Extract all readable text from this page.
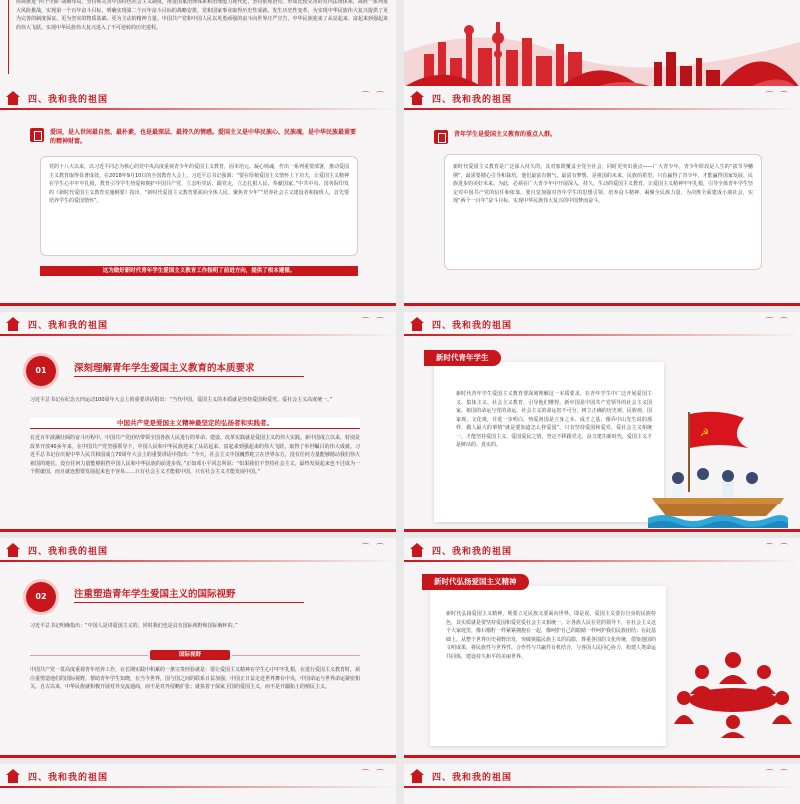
协调推进“四个全面”战略布局，坚持和完善中国特色社会主义制度，推进国家治理体系和治理能力现代化，坚持依规治党、形成比较完善的党内法规体系，战胜一系列重大风险挑战，实现第一个百年奋斗目标，明确实现第二个百年奋斗目标的战略安排，党和国家事业取得历史性成就、发生历史性变革，为实现中华民族伟大复兴提供了更为完善的制度保证、更为坚实的物质基础、更为主动的精神力量。中国共产党和中国人民以英勇顽强的奋斗向世界庄严宣告，中华民族迎来了从站起来、富起来到强起来的伟大飞跃。实现中华民族伟大复兴进入了不可逆转的历史进程。
四、我和我的祖国	⌒ ⌒
爱国，是人世间最自然、最朴素，也是最深层、最持久的情感。爱国主义是中华民族心、民族魂，是中华民族最重要的精神财富。
党的十八大以来，以习近平同志为核心的党中央高度重视青少年的爱国主义教育，固本培元、凝心铸魂，作出一系列重要部署，推动爱国主义教育取得显著成效。在2018年9月10日的全国教育大会上，习近平总书记强调：“要在厚植爱国主义情怀上下功夫，让爱国主义精神在学生心中牢牢扎根，教育引导学生热爱和拥护中国共产党，立志听党话、跟党走，立志扎根人民、奉献国家。”中共中央、国务院印发的《新时代爱国主义教育实施纲要》指出，“新时代爱国主义教育要面向全体人民、聚焦青少年”“培养社会主义建设者和接班人，首先要培养学生的爱国情怀”。
这为做好新时代青年学生爱国主义教育工作指明了前进方向，提供了根本遵循。
四、我和我的祖国	⌒ ⌒
青年学生是爱国主义教育的重点人群。
新时代爱国主义教育是广泛深入持久的，其对象既覆盖全党全社会，同时更突出重点——广大青少年。青少年阶段是人生的“拔节孕穗期”，最需要精心引导和栽培。他们最富有朝气、最富有梦想，是祖国的未来、民族的希望。只有赢得了青少年，才能赢得国家发展、民族进步的美好未来。为此，必须在广大青少年中开展深入、持久、生动的爱国主义教育，让爱国主义精神牢牢扎根，引导全体青年学生坚定对中国共产党的信任和依靠。要自觉加强对青年学生的思想引领，培养奋斗精神、凝聚全民族力量，为决胜全面建成小康社会，实现“两个一百年”奋斗目标、实现中华民族伟大复兴的中国梦而奋斗。
四、我和我的祖国	⌒ ⌒
01	深刻理解青年学生爱国主义教育的本质要求
习近平总书记在纪念五四运动100周年大会上的重要讲话指出：“当代中国，爱国主义的本质就是坚持爱国和爱党、爱社会主义高度统一。”
中国共产党是爱国主义精神最坚定的弘扬者和实践者。
在近百年波澜壮阔的奋斗历程中，中国共产党团结带领全国各族人民进行的革命、建设、改革实践就是爱国主义的伟大实践。新中国成立以来，特别是改革开放40多年来，在中国共产党坚强领导下，中国人民和中华民族迎来了从站起来、富起来到强起来的伟大飞跃，取得了举世瞩目的伟大成就。习近平总书记在庆祝中华人民共和国成立70周年大会上的重要讲话中指出：“今天，社会主义中国巍然屹立在世界东方，没有任何力量能够撼动我们伟大祖国的地位，没有任何力量能够阻挡中国人民和中华民族的前进步伐。”正如邓小平同志所说：“如果我们不坚持社会主义，最终发展起来也不过成为一个附庸国，而且就连想要发展起来也不容易……只有社会主义才能救中国，只有社会主义才能发展中国。”
四、我和我的祖国	⌒ ⌒
新时代青年学生爱国主义教育要深刻理解这一本质要求，在青年学生中广泛开展爱国主义、集体主义、社会主义教育，引导他们懂得，新中国是中国共产党领导的社会主义国家，祖国的命运与党的命运、社会主义的命运密不可分，树立正确的历史观、民族观、国家观、文化观，并进一步明白，热爱祖国是立身之本、成才之基，像乔中山先生说的那样，做人最大的事情“就是要知道怎么样爱国”。只有坚持爱国和爱党、爱社会主义相统一，才能坚持爱国主义、爱国爱民之情，坚定不移跟党走，奋力建功新时代，爱国主义才是鲜活的、真实的。
新时代青年学生
☭
四、我和我的祖国	⌒ ⌒
02	注重塑造青年学生爱国主义的国际视野
习近平总书记明确指出：“中国人是讲爱国主义的，同时我们也是具有国际视野和国际胸怀的。”
国际视野
中国共产党一贯高度重视青年培养工作，在长期实践中积累的一条宝贵经验就是：要让爱国主义精神在学生心中牢牢扎根，在进行爱国主义教育时，须注重塑造他们的国际视野，帮助青年学生知晓，在当今世界，国与国之间的联系日益加强，中国正日益走近世界舞台中央，中国命运与世界命运紧密相关。自古以来，中华民族就积极开展对外交流通商，而不是对外侵略扩张；就执着于保家卫国的爱国主义，而不是开疆拓土的殖民主义。
四、我和我的祖国	⌒ ⌒
新时代弘扬爱国主义精神，既要立足民族又要面向世界。即是说，爱国主义要有自身的民族特色，其实质就是要坚持爱国和爱党爱社会主义相统一，让各族人民在党的领导下，在社会主义这个大家庭里，像石榴籽一样紧紧拥抱在一起，像呵护自己的眼睛一样呵护我们民族团结；在此基础上，从整个世界历史视野出发，突破狭隘民族主义的局限，尊重各国的文化传统，借鉴他国的文明成果，将民族性与世界性、合作性与共赢性有机结合，与各国人民同心协力，构建人类命运共同体，建设持久和平的美丽世界。
新时代弘扬爱国主义精神
四、我和我的祖国	⌒ ⌒	四、我和我的祖国	⌒ ⌒
